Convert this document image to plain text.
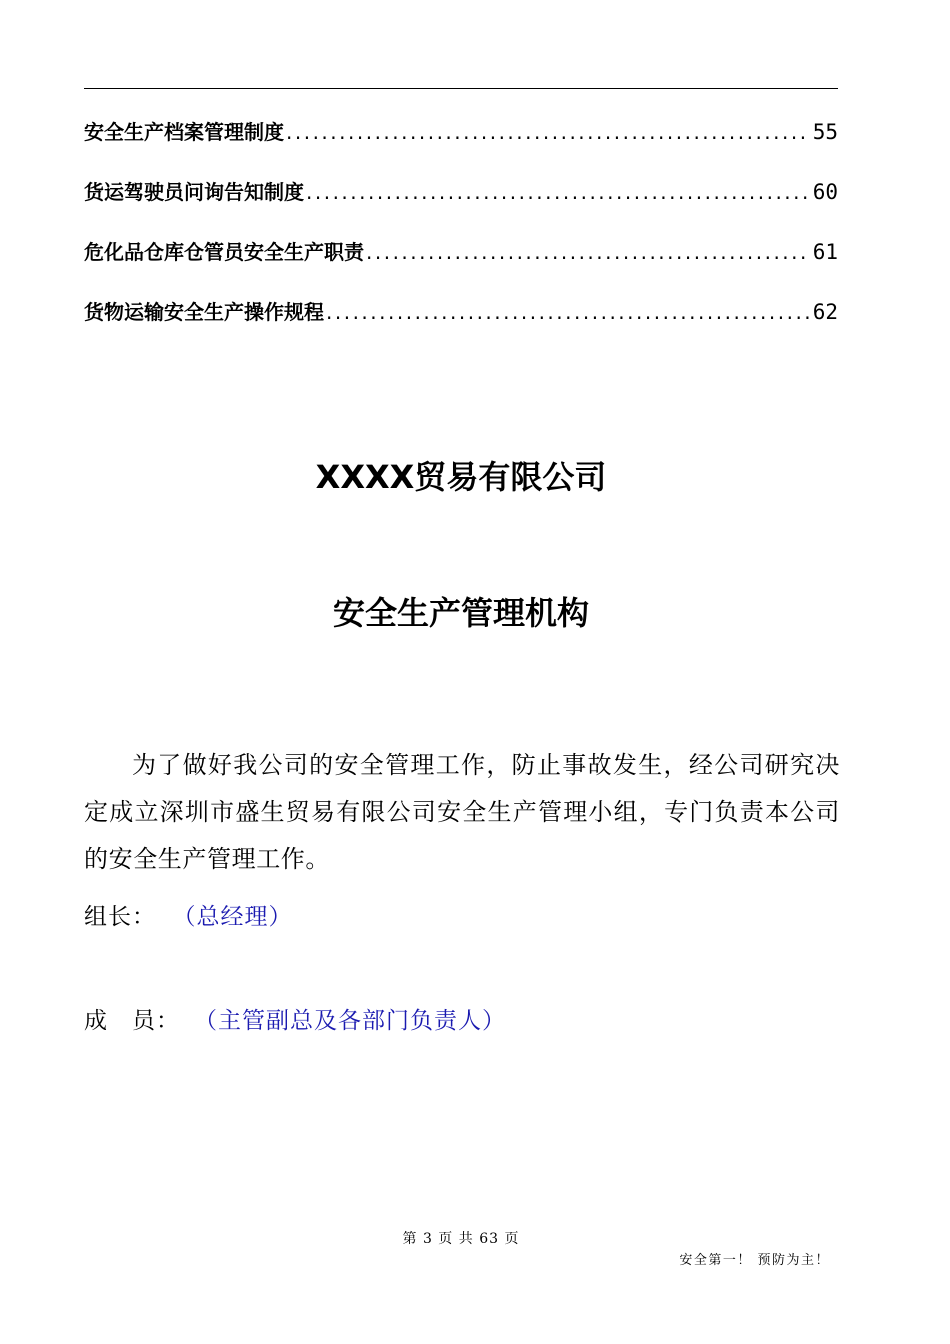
安全生产档案管理制度 .....	55
货运驾驶员问询告知制度 .....	60
危化品仓库仓管员安全生产职责 .....	61
货物运输安全生产操作规程 .....	62
XXXX贸易有限公司
安全生产管理机构

为了做好我公司的安全管理工作，防止事故发生，经公司研究决定成立深圳市盛生贸易有限公司安全生产管理小组，专门负责本公司的安全生产管理工作。

组长： （总经理）
成　员： （主管副总及各部门负责人）
第 3 页 共 63 页
安全第一！ 预防为主！
